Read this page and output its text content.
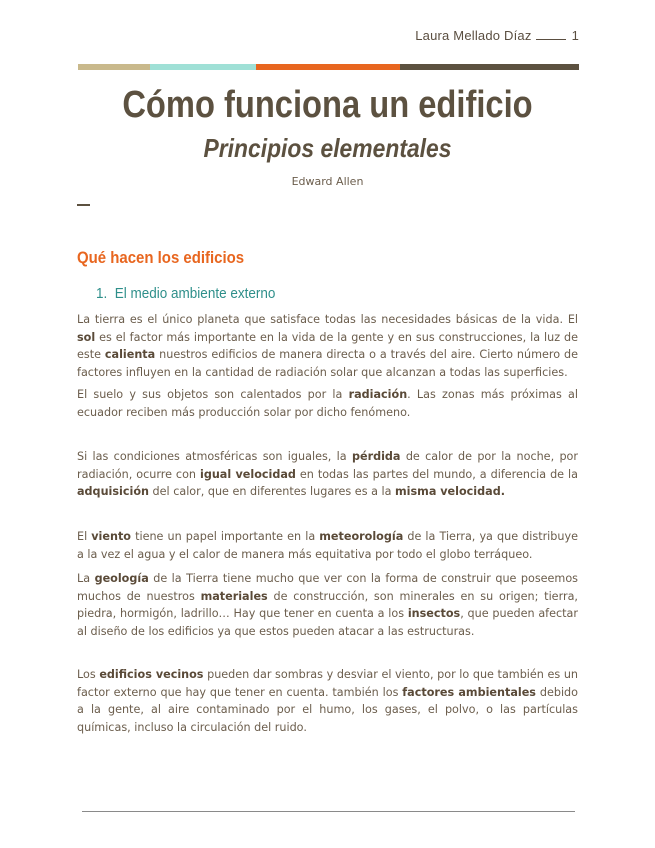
Laura Mellado Díaz	1
Cómo funciona un edificio
Principios elementales
Edward Allen
Qué hacen los edificios
1. El medio ambiente externo
La tierra es el único planeta que satisface todas las necesidades básicas de la vida. El sol es el factor más importante en la vida de la gente y en sus construcciones, la luz de este calienta nuestros edificios de manera directa o a través del aire. Cierto número de factores influyen en la cantidad de radiación solar que alcanzan a todas las superficies.
El suelo y sus objetos son calentados por la radiación. Las zonas más próximas al ecuador reciben más producción solar por dicho fenómeno.
Si las condiciones atmosféricas son iguales, la pérdida de calor de por la noche, por radiación, ocurre con igual velocidad en todas las partes del mundo, a diferencia de la adquisición del calor, que en diferentes lugares es a la misma velocidad.
El viento tiene un papel importante en la meteorología de la Tierra, ya que distribuye a la vez el agua y el calor de manera más equitativa por todo el globo terráqueo.
La geología de la Tierra tiene mucho que ver con la forma de construir que poseemos muchos de nuestros materiales de construcción, son minerales en su origen; tierra, piedra, hormigón, ladrillo… Hay que tener en cuenta a los insectos, que pueden afectar al diseño de los edificios ya que estos pueden atacar a las estructuras.
Los edificios vecinos pueden dar sombras y desviar el viento, por lo que también es un factor externo que hay que tener en cuenta. también los factores ambientales debido a la gente, al aire contaminado por el humo, los gases, el polvo, o las partículas químicas, incluso la circulación del ruido.
